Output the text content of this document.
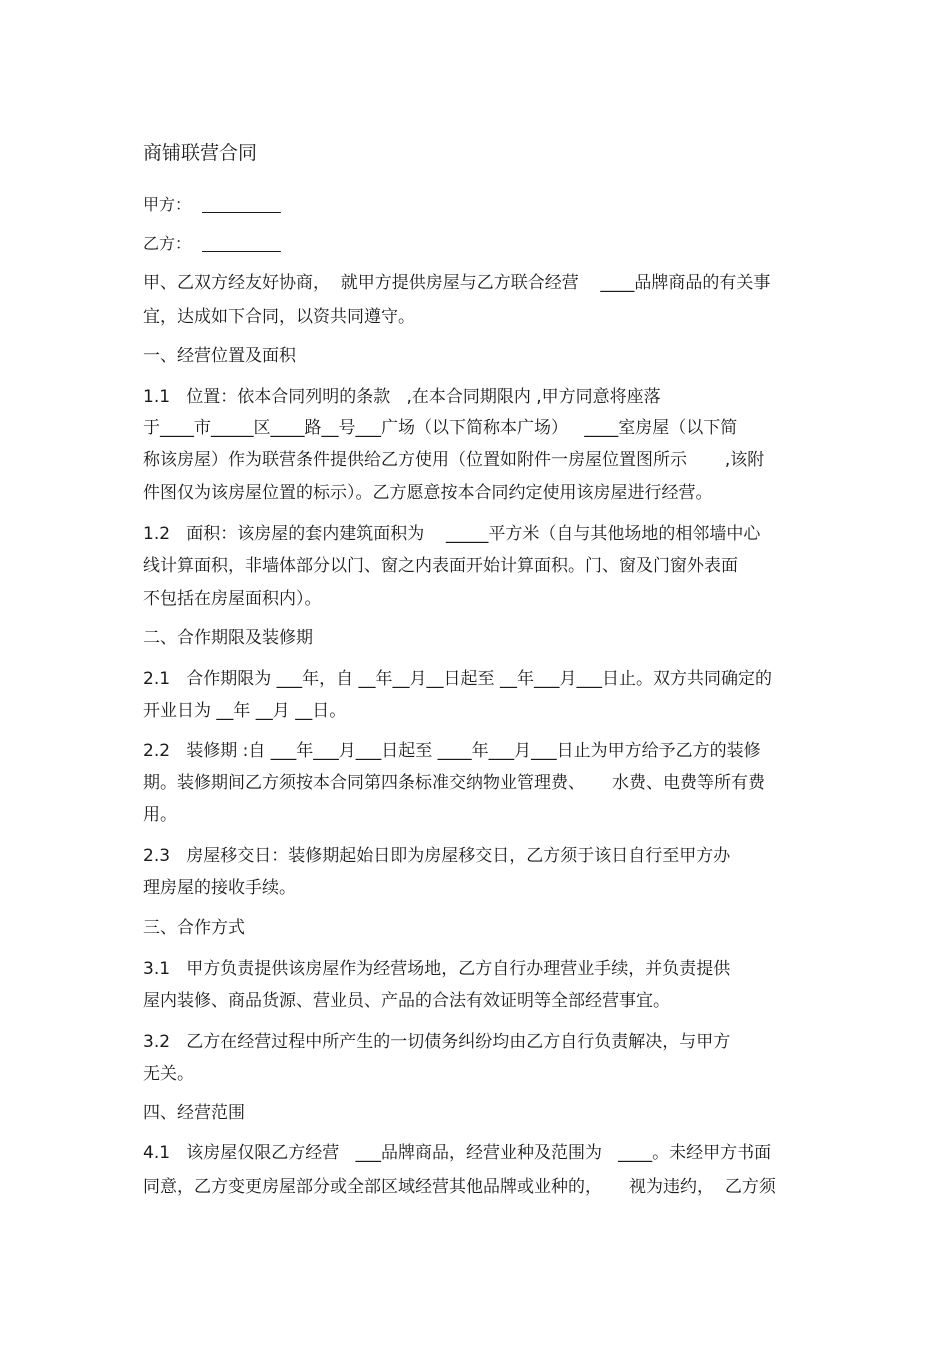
商铺联营合同
甲方：
乙方：
甲、乙双方经友好协商，  就甲方提供房屋与乙方联合经营    ____品牌商品的有关事
宜，达成如下合同，以资共同遵守。
一、经营位置及面积
1.1   位置：依本合同列明的条款   ,在本合同期限内 ,甲方同意将座落
于____市_____区____路__号___广场（以下简称本广场）   ____室房屋（以下简
称该房屋）作为联营条件提供给乙方使用（位置如附件一房屋位置图所示       ,该附
件图仅为该房屋位置的标示）。乙方愿意按本合同约定使用该房屋进行经营。
1.2   面积：该房屋的套内建筑面积为    _____平方米（自与其他场地的相邻墙中心
线计算面积，非墙体部分以门、窗之内表面开始计算面积。门、窗及门窗外表面
不包括在房屋面积内）。
二、合作期限及装修期
2.1   合作期限为 ___年，自 __年__月__日起至 __年___月___日止。双方共同确定的
开业日为 __年 __月 __日。
2.2   装修期 :自 ___年___月___日起至 ____年___月___日止为甲方给予乙方的装修
期。装修期间乙方须按本合同第四条标准交纳物业管理费、     水费、电费等所有费
用。
2.3   房屋移交日：装修期起始日即为房屋移交日，乙方须于该日自行至甲方办
理房屋的接收手续。
三、合作方式
3.1   甲方负责提供该房屋作为经营场地，乙方自行办理营业手续，并负责提供
屋内装修、商品货源、营业员、产品的合法有效证明等全部经营事宜。
3.2   乙方在经营过程中所产生的一切债务纠纷均由乙方自行负责解决，与甲方
无关。
四、经营范围
4.1   该房屋仅限乙方经营   ___品牌商品，经营业种及范围为   ____。未经甲方书面
同意，乙方变更房屋部分或全部区域经营其他品牌或业种的，     视为违约，  乙方须
